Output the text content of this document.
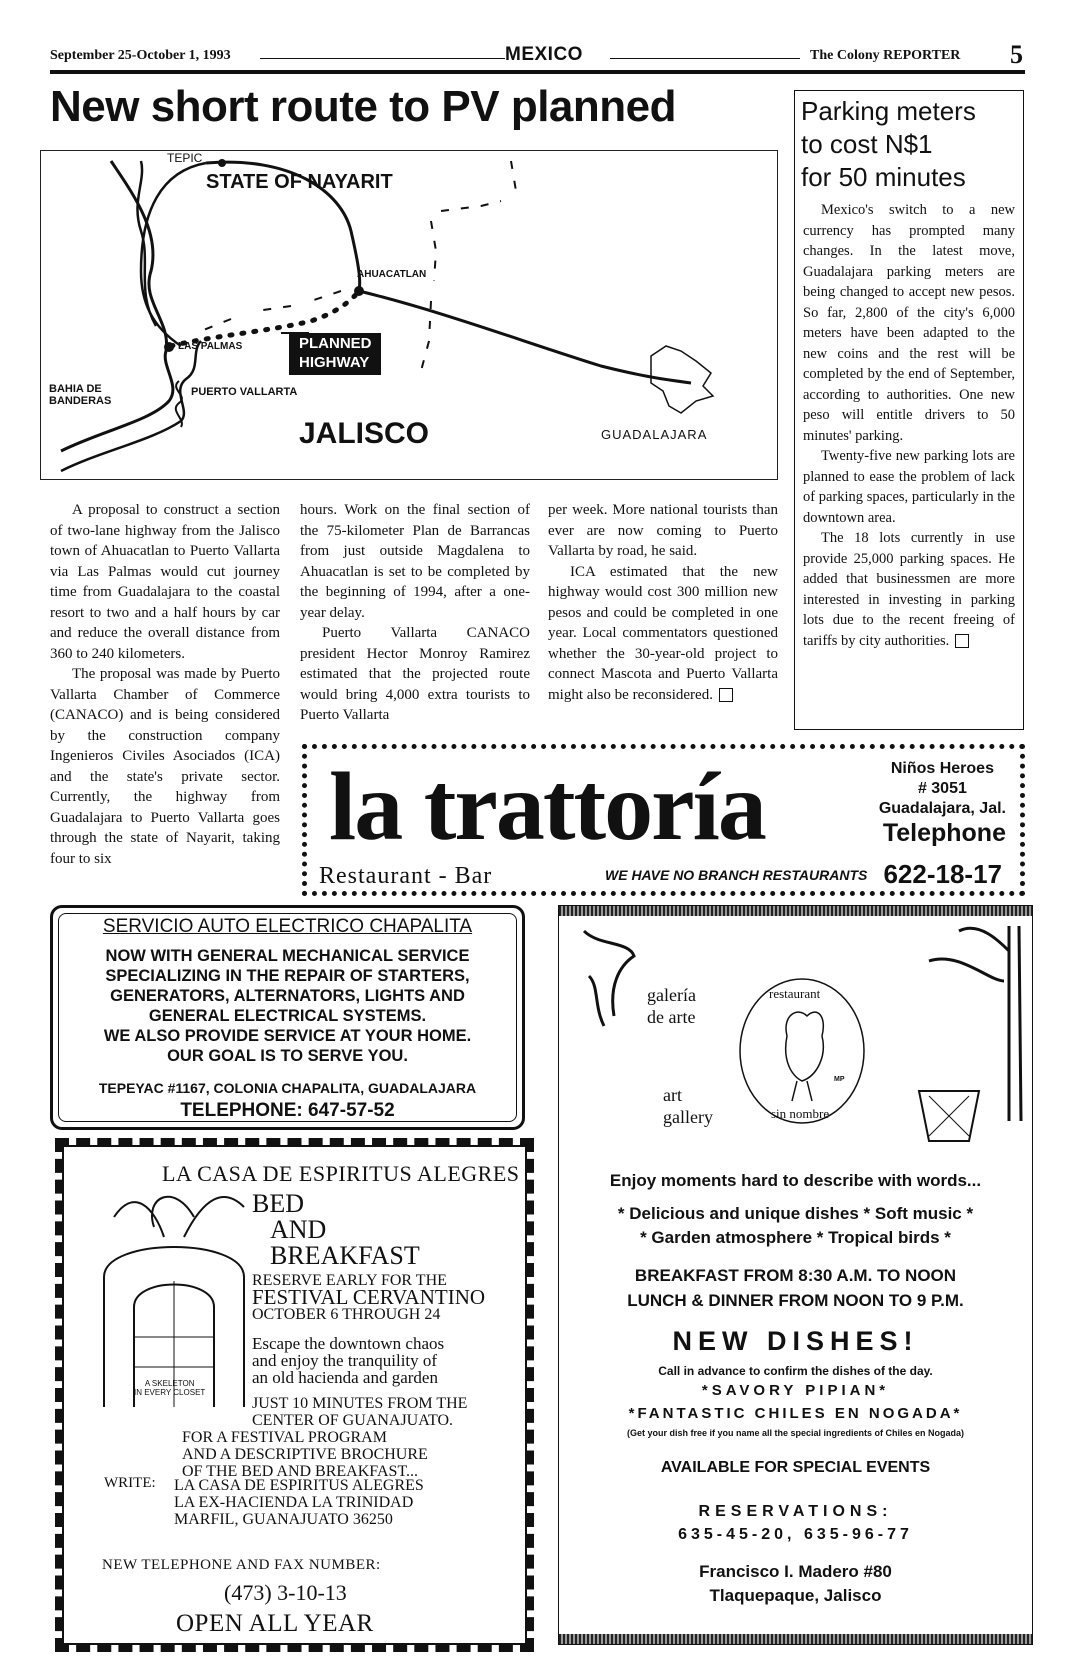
September 25-October 1, 1993	MEXICO	The Colony REPORTER 5
New short route to PV planned
TEPIC
STATE OF NAYARIT
AHUACATLAN
LAS PALMAS	PLANNED
HIGHWAY
BAHIA DE
BANDERAS
PUERTO VALLARTA
JALISCO	GUADALAJARA

A proposal to construct a section of two-lane highway from the Jalisco town of Ahuacatlan to Puerto Vallarta via Las Palmas would cut journey time from Guadalajara to the coastal resort to two and a half hours by car and reduce the overall distance from 360 to 240 kilometers.

The proposal was made by Puerto Vallarta Chamber of Commerce (CANACO) and is being considered by the construction company Ingenieros Civiles Asociados (ICA) and the state's private sector. Currently, the highway from Guadalajara to Puerto Vallarta goes through the state of Nayarit, taking four to six

hours. Work on the final section of the 75-kilometer Plan de Barrancas from just outside Magdalena to Ahuacatlan is set to be completed by the beginning of 1994, after a one-year delay.

Puerto Vallarta CANACO president Hector Monroy Ramirez estimated that the projected route would bring 4,000 extra tourists to Puerto Vallarta

per week. More national tourists than ever are now coming to Puerto Vallarta by road, he said.

ICA estimated that the new highway would cost 300 million new pesos and could be completed in one year. Local commentators questioned whether the 30-year-old project to connect Mascota and Puerto Vallarta might also be reconsidered.

Parking meters
to cost N$1
for 50 minutes

Mexico's switch to a new currency has prompted many changes. In the latest move, Guadalajara parking meters are being changed to accept new pesos. So far, 2,800 of the city's 6,000 meters have been adapted to the new coins and the rest will be completed by the end of September, according to authorities. One new peso will entitle drivers to 50 minutes' parking.

Twenty-five new parking lots are planned to ease the problem of lack of parking spaces, particularly in the downtown area.

The 18 lots currently in use provide 25,000 parking spaces. He added that businessmen are more interested in investing in parking lots due to the recent freeing of tariffs by city authorities.

la trattoría
Restaurant - Bar	WE HAVE NO BRANCH RESTAURANTS
Niños Heroes
# 3051
Guadalajara, Jal.
Telephone
622-18-17
SERVICIO AUTO ELECTRICO CHAPALITA
NOW WITH GENERAL MECHANICAL SERVICE
SPECIALIZING IN THE REPAIR OF STARTERS,
GENERATORS, ALTERNATORS, LIGHTS AND
GENERAL ELECTRICAL SYSTEMS.
WE ALSO PROVIDE SERVICE AT YOUR HOME.
OUR GOAL IS TO SERVE YOU.
TEPEYAC #1167, COLONIA CHAPALITA, GUADALAJARA
TELEPHONE: 647-57-52
LA CASA DE ESPIRITUS ALEGRES
BED
AND
BREAKFAST
RESERVE EARLY FOR THE
FESTIVAL CERVANTINO
OCTOBER 6 THROUGH 24
Escape the downtown chaos
and enjoy the tranquility of
an old hacienda and garden
JUST 10 MINUTES FROM THE
CENTER OF GUANAJUATO.
A SKELETON
IN EVERY CLOSET
FOR A FESTIVAL PROGRAM
AND A DESCRIPTIVE BROCHURE
OF THE BED AND BREAKFAST...
WRITE: LA CASA DE ESPIRITUS ALEGRES
LA EX-HACIENDA LA TRINIDAD
MARFIL, GUANAJUATO 36250
NEW TELEPHONE AND FAX NUMBER:
(473) 3-10-13
OPEN ALL YEAR
galería
de arte
art
gallery
restaurant
sin nombre
MP
Enjoy moments hard to describe with words...
* Delicious and unique dishes * Soft music *
* Garden atmosphere * Tropical birds *
BREAKFAST FROM 8:30 A.M. TO NOON
LUNCH & DINNER FROM NOON TO 9 P.M.
NEW DISHES!
Call in advance to confirm the dishes of the day.
*SAVORY PIPIAN*
*FANTASTIC CHILES EN NOGADA*
(Get your dish free if you name all the special ingredients of Chiles en Nogada)
AVAILABLE FOR SPECIAL EVENTS
RESERVATIONS:
635-45-20, 635-96-77
Francisco I. Madero #80
Tlaquepaque, Jalisco
